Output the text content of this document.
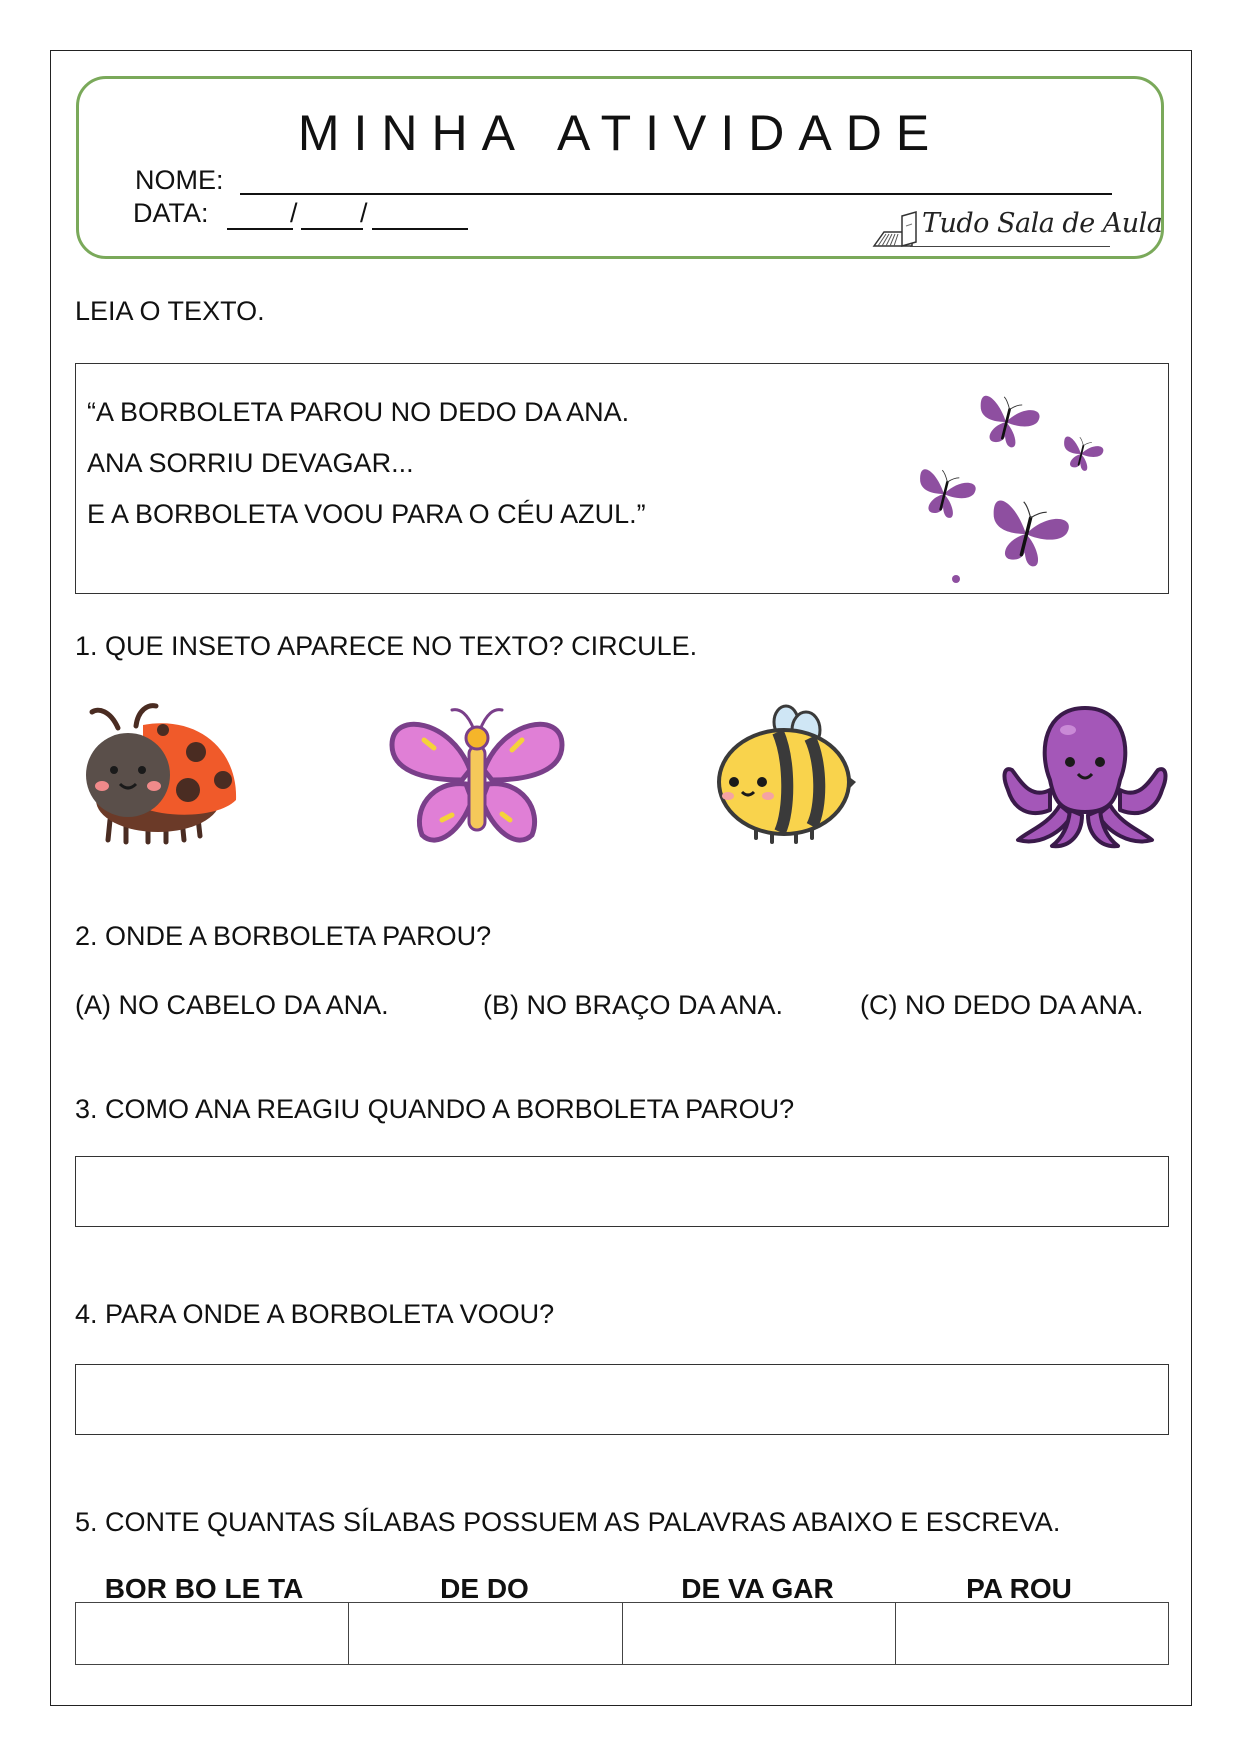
MINHA ATIVIDADE
NOME:
DATA:	/ /	Tudo Sala de Aula
LEIA O TEXTO.
“A BORBOLETA PAROU NO DEDO DA ANA.
ANA SORRIU DEVAGAR...
E A BORBOLETA VOOU PARA O CÉU AZUL.”
1. QUE INSETO APARECE NO TEXTO? CIRCULE.
2. ONDE A BORBOLETA PAROU?
(A) NO CABELO DA ANA.	(B) NO BRAÇO DA ANA.	(C) NO DEDO DA ANA.
3. COMO ANA REAGIU QUANDO A BORBOLETA PAROU?
4. PARA ONDE A BORBOLETA VOOU?
5. CONTE QUANTAS SÍLABAS POSSUEM AS PALAVRAS ABAIXO E ESCREVA.
BOR BO LE TA	DE DO	DE VA GAR	PA ROU
